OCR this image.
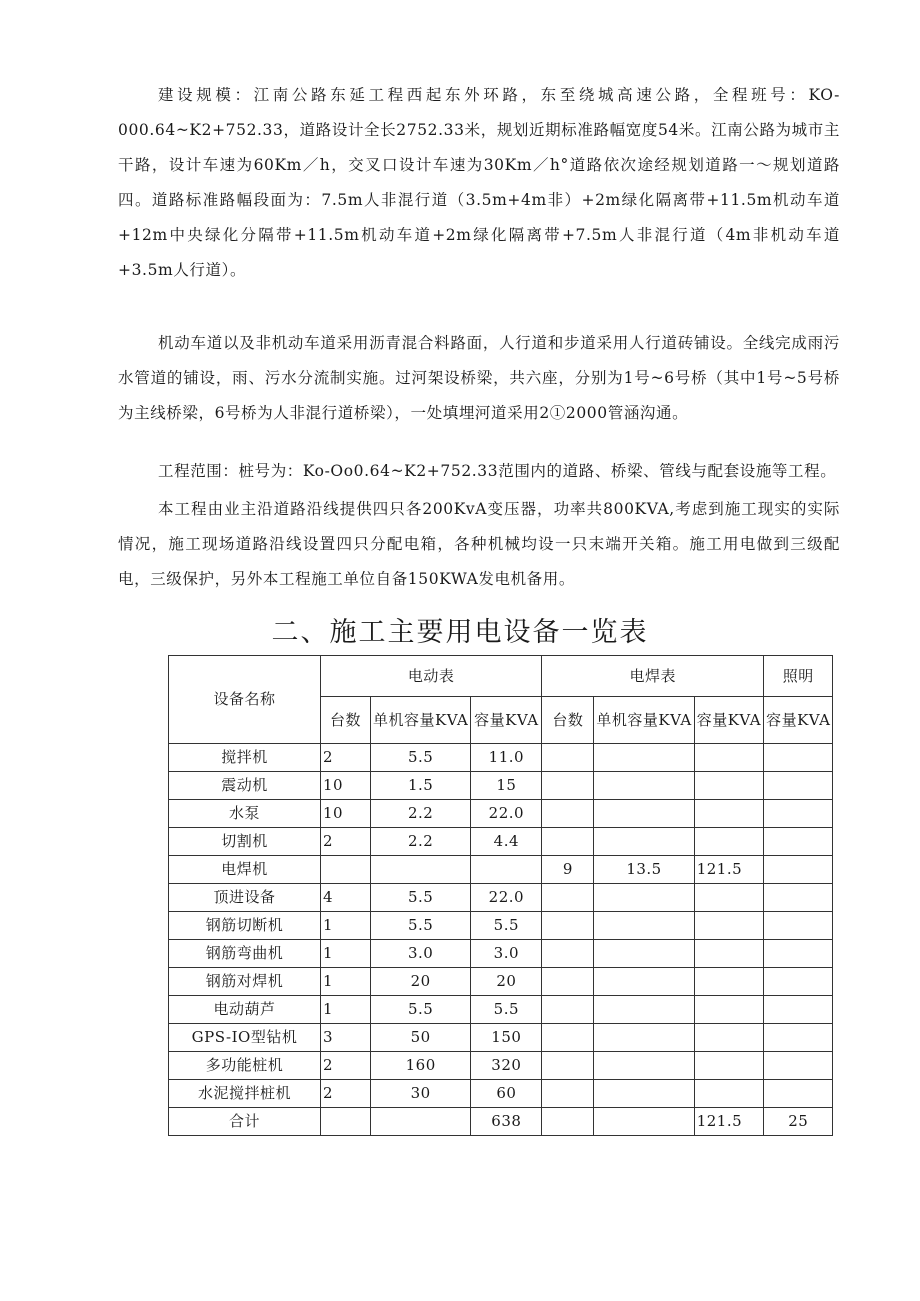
建设规模：江南公路东延工程西起东外环路，东至绕城高速公路，全程班号：KO-000.64~K2+752.33，道路设计全长2752.33米，规划近期标准路幅宽度54米。江南公路为城市主干路，设计车速为60Km／h，交叉口设计车速为30Km／h°道路依次途经规划道路一～规划道路四。道路标准路幅段面为：7.5m人非混行道（3.5m+4m非）+2m绿化隔离带+11.5m机动车道+12m中央绿化分隔带+11.5m机动车道+2m绿化隔离带+7.5m人非混行道（4m非机动车道+3.5m人行道）。

机动车道以及非机动车道采用沥青混合料路面，人行道和步道采用人行道砖铺设。全线完成雨污水管道的铺设，雨、污水分流制实施。过河架设桥梁，共六座，分别为1号~6号桥（其中1号~5号桥为主线桥梁，6号桥为人非混行道桥梁），一处填埋河道采用2①2000管涵沟通。

工程范围：桩号为：Ko-Oo0.64~K2+752.33范围内的道路、桥梁、管线与配套设施等工程。

本工程由业主沿道路沿线提供四只各200KvA变压器，功率共800KVA,考虑到施工现实的实际情况，施工现场道路沿线设置四只分配电箱，各种机械均设一只末端开关箱。施工用电做到三级配电，三级保护，另外本工程施工单位自备150KWA发电机备用。

二、施工主要用电设备一览表
设备名称	电动表			电焊表			照明
	台数	单机容量KVA	容量KVA	台数	单机容量KVA	容量KVA	容量KVA
搅拌机	2	5.5	11.0				
震动机	10	1.5	15				
水泵	10	2.2	22.0				
切割机	2	2.2	4.4				
电焊机				9	13.5	121.5	
顶进设备	4	5.5	22.0				
钢筋切断机	1	5.5	5.5				
钢筋弯曲机	1	3.0	3.0				
钢筋对焊机	1	20	20				
电动葫芦	1	5.5	5.5				
GPS-IO型钻机	3	50	150				
多功能桩机	2	160	320				
水泥搅拌桩机	2	30	60				
合计			638			121.5	25
